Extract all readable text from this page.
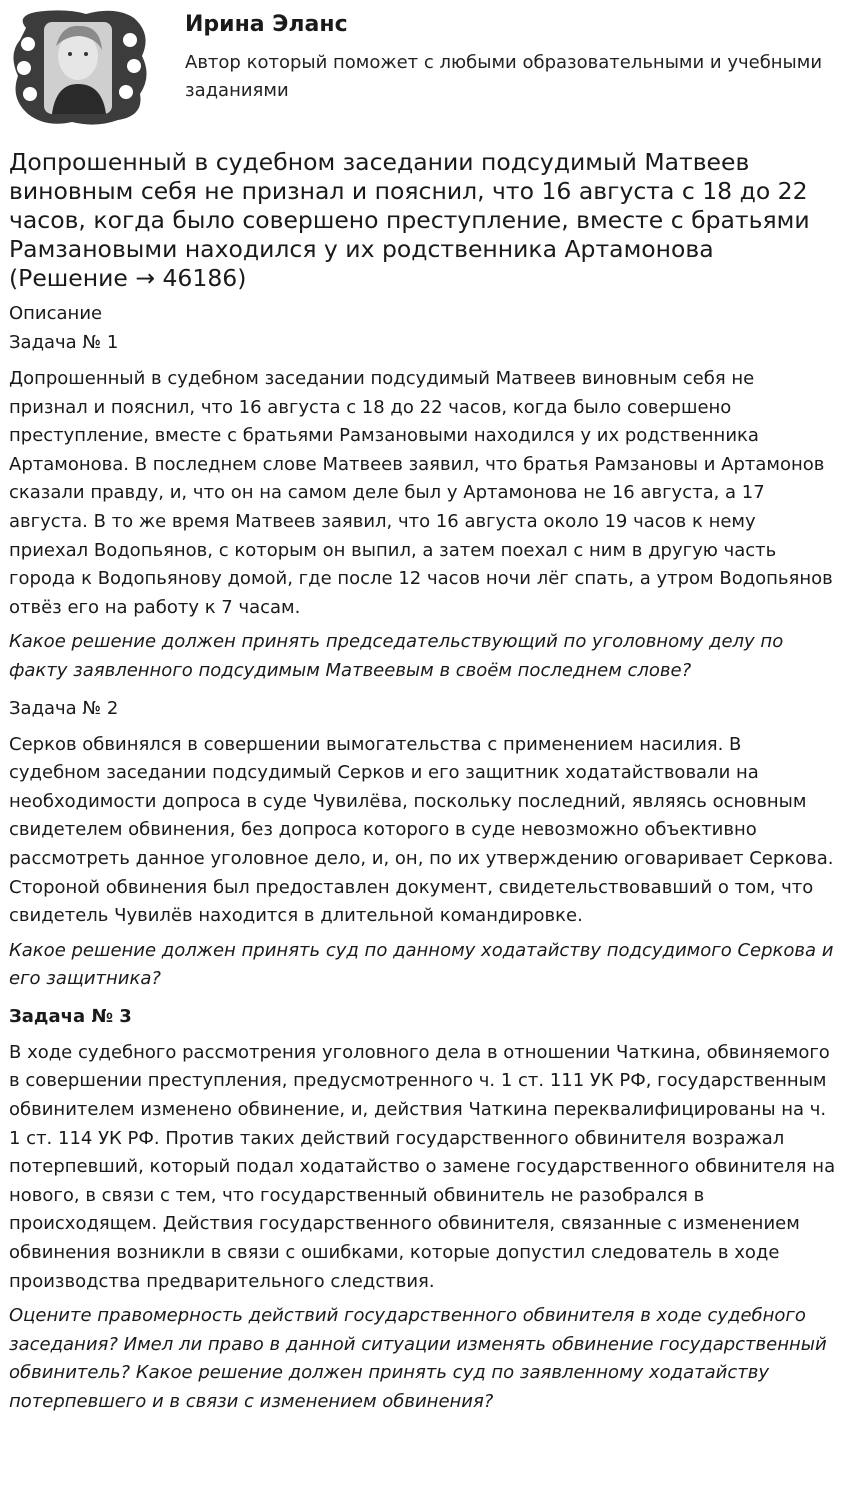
Ирина Эланс
Автор который поможет с любыми образовательными и учебными заданиями
Допрошенный в судебном заседании подсудимый Матвеев виновным себя не признал и пояснил, что 16 августа с 18 до 22 часов, когда было совершено преступление, вместе с братьями Рамзановыми находился у их родственника Артамонова (Решение → 46186)
Описание
Задача № 1
Допрошенный в судебном заседании подсудимый Матвеев виновным себя не признал и пояснил, что 16 августа с 18 до 22 часов, когда было совершено преступление, вместе с братьями Рамзановыми находился у их родственника Артамонова. В последнем слове Матвеев заявил, что братья Рамзановы и Артамонов сказали правду, и, что он на самом деле был у Артамонова не 16 августа, а 17 августа. В то же время Матвеев заявил, что 16 августа около 19 часов к нему приехал Водопьянов, с которым он выпил, а затем поехал с ним в другую часть города к Водопьянову домой, где после 12 часов ночи лёг спать, а утром Водопьянов отвёз его на работу к 7 часам.
Какое решение должен принять председательствующий по уголовному делу по факту заявленного подсудимым Матвеевым в своём последнем слове?
Задача № 2
Серков обвинялся в совершении вымогательства с применением насилия. В судебном заседании подсудимый Серков и его защитник ходатайствовали на необходимости допроса в суде Чувилёва, поскольку последний, являясь основным свидетелем обвинения, без допроса которого в суде невозможно объективно рассмотреть данное уголовное дело, и, он, по их утверждению оговаривает Серкова. Стороной обвинения был предоставлен документ, свидетельствовавший о том, что свидетель Чувилёв находится в длительной командировке.
Какое решение должен принять суд по данному ходатайству подсудимого Серкова и его защитника?
Задача № 3
В ходе судебного рассмотрения уголовного дела в отношении Чаткина, обвиняемого в совершении преступления, предусмотренного ч. 1 ст. 111 УК РФ, государственным обвинителем изменено обвинение, и, действия Чаткина переквалифицированы на ч. 1 ст. 114 УК РФ. Против таких действий государственного обвинителя возражал потерпевший, который подал ходатайство о замене государственного обвинителя на нового, в связи с тем, что государственный обвинитель не разобрался в происходящем. Действия государственного обвинителя, связанные с изменением обвинения возникли в связи с ошибками, которые допустил следователь в ходе производства предварительного следствия.
Оцените правомерность действий государственного обвинителя в ходе судебного заседания? Имел ли право в данной ситуации изменять обвинение государственный обвинитель? Какое решение должен принять суд по заявленному ходатайству потерпевшего и в связи с изменением обвинения?
